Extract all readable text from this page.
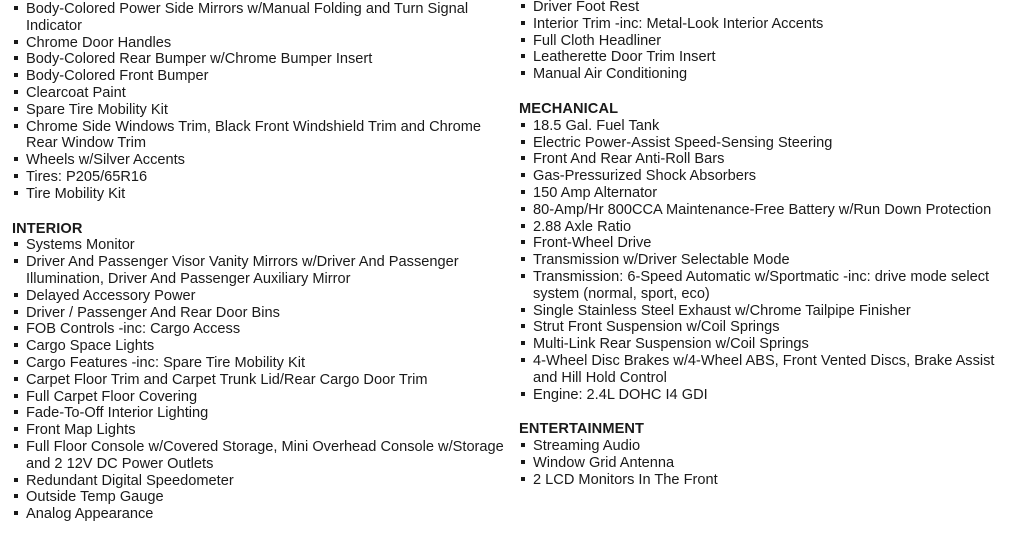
Body-Colored Power Side Mirrors w/Manual Folding and Turn Signal Indicator
Chrome Door Handles
Body-Colored Rear Bumper w/Chrome Bumper Insert
Body-Colored Front Bumper
Clearcoat Paint
Spare Tire Mobility Kit
Chrome Side Windows Trim, Black Front Windshield Trim and Chrome Rear Window Trim
Wheels w/Silver Accents
Tires: P205/65R16
Tire Mobility Kit
INTERIOR
Systems Monitor
Driver And Passenger Visor Vanity Mirrors w/Driver And Passenger Illumination, Driver And Passenger Auxiliary Mirror
Delayed Accessory Power
Driver / Passenger And Rear Door Bins
FOB Controls -inc: Cargo Access
Cargo Space Lights
Cargo Features -inc: Spare Tire Mobility Kit
Carpet Floor Trim and Carpet Trunk Lid/Rear Cargo Door Trim
Full Carpet Floor Covering
Fade-To-Off Interior Lighting
Front Map Lights
Full Floor Console w/Covered Storage, Mini Overhead Console w/Storage and 2 12V DC Power Outlets
Redundant Digital Speedometer
Outside Temp Gauge
Analog Appearance
Driver Foot Rest
Interior Trim -inc: Metal-Look Interior Accents
Full Cloth Headliner
Leatherette Door Trim Insert
Manual Air Conditioning
MECHANICAL
18.5 Gal. Fuel Tank
Electric Power-Assist Speed-Sensing Steering
Front And Rear Anti-Roll Bars
Gas-Pressurized Shock Absorbers
150 Amp Alternator
80-Amp/Hr 800CCA Maintenance-Free Battery w/Run Down Protection
2.88 Axle Ratio
Front-Wheel Drive
Transmission w/Driver Selectable Mode
Transmission: 6-Speed Automatic w/Sportmatic -inc: drive mode select system (normal, sport, eco)
Single Stainless Steel Exhaust w/Chrome Tailpipe Finisher
Strut Front Suspension w/Coil Springs
Multi-Link Rear Suspension w/Coil Springs
4-Wheel Disc Brakes w/4-Wheel ABS, Front Vented Discs, Brake Assist and Hill Hold Control
Engine: 2.4L DOHC I4 GDI
ENTERTAINMENT
Streaming Audio
Window Grid Antenna
2 LCD Monitors In The Front
